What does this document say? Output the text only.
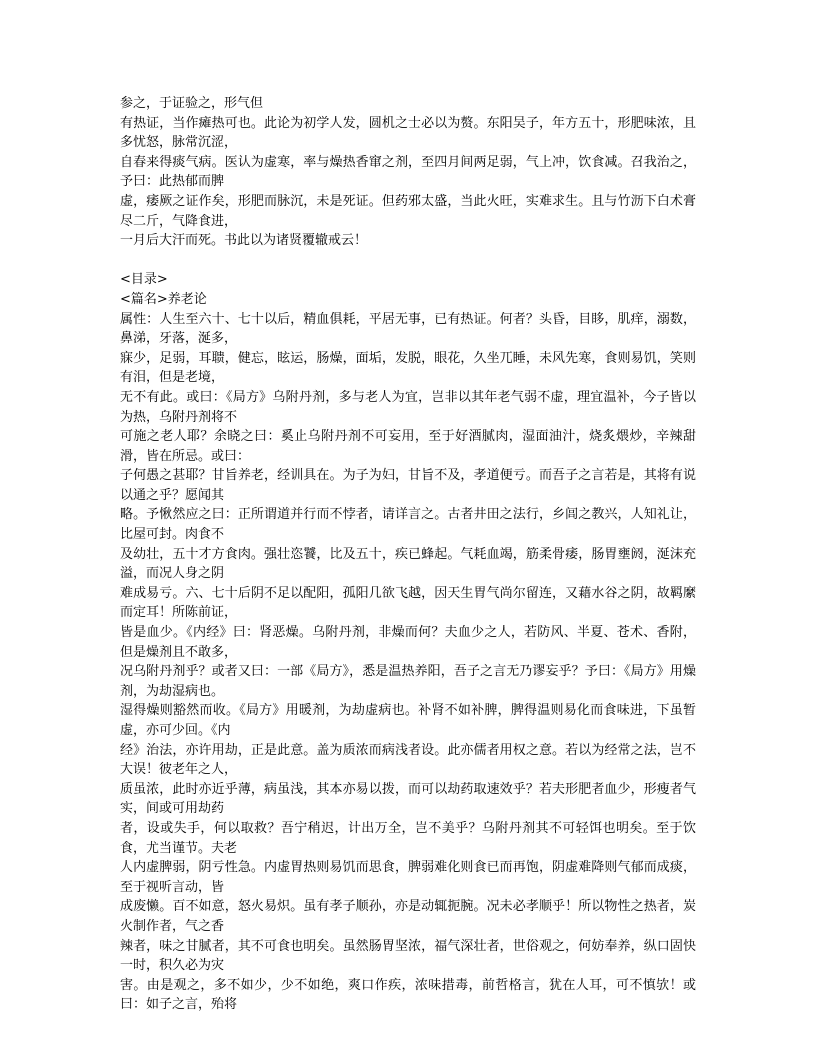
参之，于证验之，形气但

有热证，当作瘫热可也。此论为初学人发，圆机之士必以为赘。东阳吴子，年方五十，形肥味浓，且多忧怒，脉常沉涩，

自春来得痰气病。医认为虚寒，率与燥热香窜之剂，至四月间两足弱，气上冲，饮食减。召我治之，予曰：此热郁而脾

虚，痿厥之证作矣，形肥而脉沉，未是死证。但药邪太盛，当此火旺，实难求生。且与竹沥下白术膏尽二斤，气降食进，

一月后大汗而死。书此以为诸贤覆辙戒云！

<目录>

<篇名>养老论

属性：人生至六十、七十以后，精血俱耗，平居无事，已有热证。何者？头昏，目眵，肌痒，溺数，鼻涕，牙落，涎多，

寐少，足弱，耳聩，健忘，眩运，肠燥，面垢，发脱，眼花，久坐兀睡，未风先寒，食则易饥，笑则有泪，但是老境，

无不有此。或曰：《局方》乌附丹剂，多与老人为宜，岂非以其年老气弱不虚，理宜温补，今子皆以为热，乌附丹剂将不

可施之老人耶？余晓之曰：奚止乌附丹剂不可妄用，至于好酒腻肉，湿面油汁，烧炙煨炒，辛辣甜滑，皆在所忌。或曰：

子何愚之甚耶？甘旨养老，经训具在。为子为妇，甘旨不及，孝道便亏。而吾子之言若是，其将有说以通之乎？愿闻其

略。予愀然应之曰：正所谓道并行而不悖者，请详言之。古者井田之法行，乡闾之教兴，人知礼让，比屋可封。肉食不

及幼壮，五十才方食肉。强壮恣饕，比及五十，疾已蜂起。气耗血竭，筋柔骨痿，肠胃壅阏，涎沫充溢，而况人身之阴

难成易亏。六、七十后阴不足以配阳，孤阳几欲飞越，因天生胃气尚尔留连，又藉水谷之阴，故羁縻而定耳！所陈前证，

皆是血少。《内经》曰：肾恶燥。乌附丹剂，非燥而何？夫血少之人，若防风、半夏、苍术、香附，但是燥剂且不敢多，

况乌附丹剂乎？或者又曰：一部《局方》，悉是温热养阳，吾子之言无乃谬妄乎？予曰：《局方》用燥剂，为劫湿病也。

湿得燥则豁然而收。《局方》用暖剂，为劫虚病也。补肾不如补脾，脾得温则易化而食味进，下虽暂虚，亦可少回。《内

经》治法，亦许用劫，正是此意。盖为质浓而病浅者设。此亦儒者用权之意。若以为经常之法，岂不大误！彼老年之人，

质虽浓，此时亦近乎薄，病虽浅，其本亦易以拨，而可以劫药取速效乎？若夫形肥者血少，形瘦者气实，间或可用劫药

者，设或失手，何以取救？吾宁稍迟，计出万全，岂不美乎？乌附丹剂其不可轻饵也明矣。至于饮食，尤当谨节。夫老

人内虚脾弱，阴亏性急。内虚胃热则易饥而思食，脾弱难化则食已而再饱，阴虚难降则气郁而成痰，至于视听言动，皆

成废懒。百不如意，怒火易炽。虽有孝子顺孙，亦是动辄扼腕。况未必孝顺乎！所以物性之热者，炭火制作者，气之香

辣者，味之甘腻者，其不可食也明矣。虽然肠胃坚浓，福气深壮者，世俗观之，何妨奉养，纵口固快一时，积久必为灾

害。由是观之，多不如少，少不如绝，爽口作疾，浓味措毒，前哲格言，犹在人耳，可不慎欤！或曰：如子之言，殆将
